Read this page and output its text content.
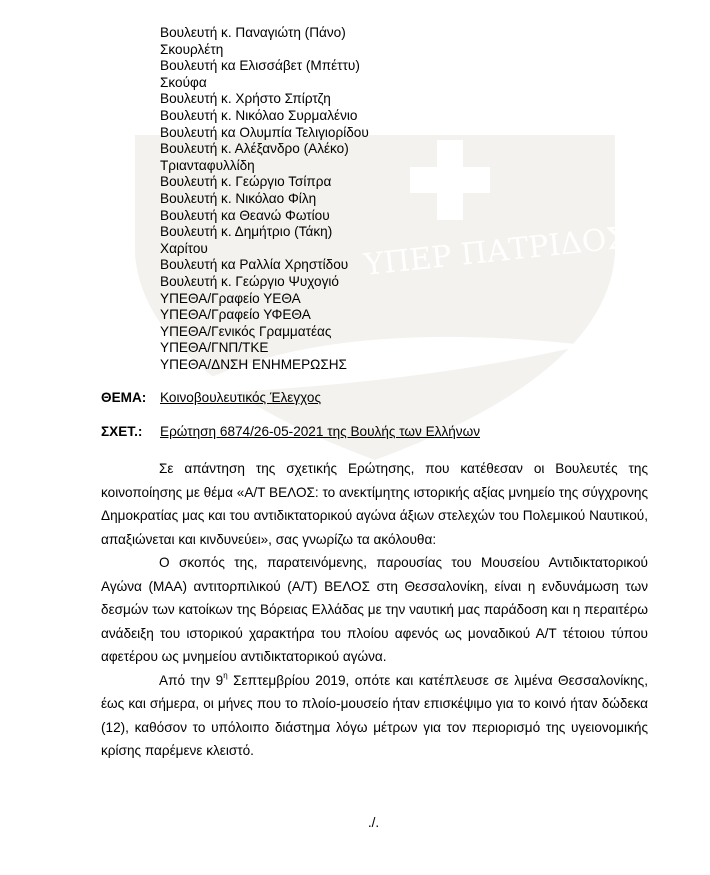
ΥΠΕΡ ΠΑΤΡΙΔΟΣ
Βουλευτή κ. Παναγιώτη (Πάνο)
Σκουρλέτη
Βουλευτή κα Ελισσάβετ (Μπέττυ)
Σκούφα
Βουλευτή κ. Χρήστο Σπίρτζη
Βουλευτή κ. Νικόλαο Συρμαλένιο
Βουλευτή κα Ολυμπία Τελιγιορίδου
Βουλευτή κ. Αλέξανδρο (Αλέκο)
Τριανταφυλλίδη
Βουλευτή κ. Γεώργιο Τσίπρα
Βουλευτή κ. Νικόλαο Φίλη
Βουλευτή κα Θεανώ Φωτίου
Βουλευτή κ. Δημήτριο (Τάκη)
Χαρίτου
Βουλευτή κα Ραλλία Χρηστίδου
Βουλευτή κ. Γεώργιο Ψυχογιό
ΥΠΕΘΑ/Γραφείο ΥΕΘΑ
ΥΠΕΘΑ/Γραφείο ΥΦΕΘΑ
ΥΠΕΘΑ/Γενικός Γραμματέας
ΥΠΕΘΑ/ΓΝΠ/ΤΚΕ
ΥΠΕΘΑ/ΔΝΣΗ ΕΝΗΜΕΡΩΣΗΣ
ΘΕΜΑ: Κοινοβουλευτικός Έλεγχος
ΣΧΕΤ.: Ερώτηση 6874/26-05-2021 της Βουλής των Ελλήνων

Σε απάντηση της σχετικής Ερώτησης, που κατέθεσαν οι Βουλευτές της κοινοποίησης με θέμα «Α/Τ ΒΕΛΟΣ: το ανεκτίμητης ιστορικής αξίας μνημείο της σύγχρονης Δημοκρατίας μας και του αντιδικτατορικού αγώνα άξιων στελεχών του Πολεμικού Ναυτικού, απαξιώνεται και κινδυνεύει», σας γνωρίζω τα ακόλουθα:

Ο σκοπός της, παρατεινόμενης, παρουσίας του Μουσείου Αντιδικτατορικού Αγώνα (ΜΑΑ) αντιτορπιλικού (Α/Τ) ΒΕΛΟΣ στη Θεσσαλονίκη, είναι η ενδυνάμωση των δεσμών των κατοίκων της Βόρειας Ελλάδας με την ναυτική μας παράδοση και η περαιτέρω ανάδειξη του ιστορικού χαρακτήρα του πλοίου αφενός ως μοναδικού Α/Τ τέτοιου τύπου αφετέρου ως μνημείου αντιδικτατορικού αγώνα.

Από την $9^\eta$ Σεπτεμβρίου 2019, οπότε και κατέπλευσε σε λιμένα Θεσσαλονίκης, έως και σήμερα, οι μήνες που το πλοίο-μουσείο ήταν επισκέψιμο για το κοινό ήταν δώδεκα (12), καθόσον το υπόλοιπο διάστημα λόγω μέτρων για τον περιορισμό της υγειονομικής κρίσης παρέμενε κλειστό.

./.
